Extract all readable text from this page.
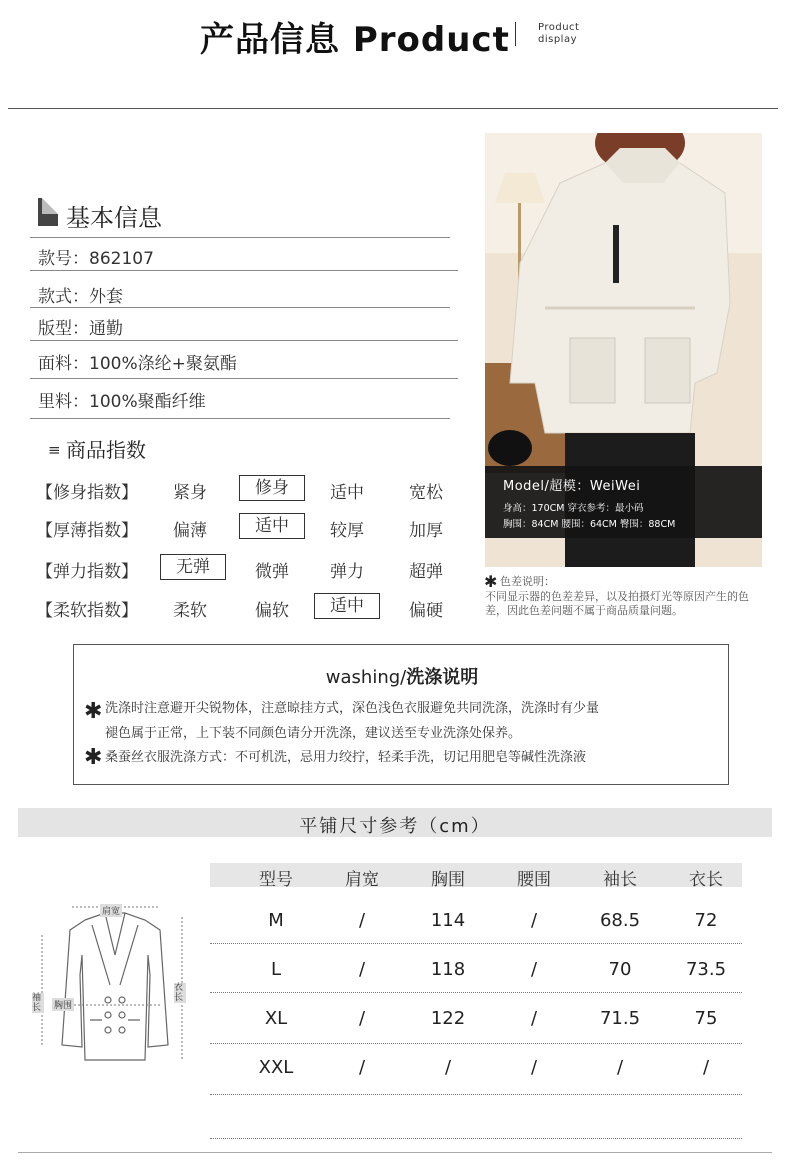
产品信息 Product	Product
display
基本信息
款号：862107
款式：外套
版型：通勤
面料：100%涤纶+聚氨酯
里料：100%聚酯纤维
≡ 商品指数
【修身指数】	紧身	修身	适中	宽松
【厚薄指数】	偏薄	适中	较厚	加厚
【弹力指数】	无弹	微弹	弹力	超弹
【柔软指数】	柔软	偏软	适中	偏硬
Model/超模：WeiWei
身高：170CM 穿衣参考：最小码
胸围：84CM 腰围：64CM 臀围：88CM
✱ 色差说明：
不同显示器的色差差异，以及拍摄灯光等原因产生的色差，因此色差问题不属于商品质量问题。
washing/洗涤说明
✱ 洗涤时注意避开尖锐物体，注意晾挂方式，深色浅色衣服避免共同洗涤，洗涤时有少量
褪色属于正常，上下装不同颜色请分开洗涤，建议送至专业洗涤处保养。
✱ 桑蚕丝衣服洗涤方式：不可机洗，忌用力绞拧，轻柔手洗，切记用肥皂等碱性洗涤液
平铺尺寸参考（cm）
肩宽
胸围
袖长
衣长
型号	肩宽	胸围	腰围	袖长	衣长
M	/	114	/	68.5	72
L	/	118	/	70	73.5
XL	/	122	/	71.5	75
XXL	/	/	/	/	/
